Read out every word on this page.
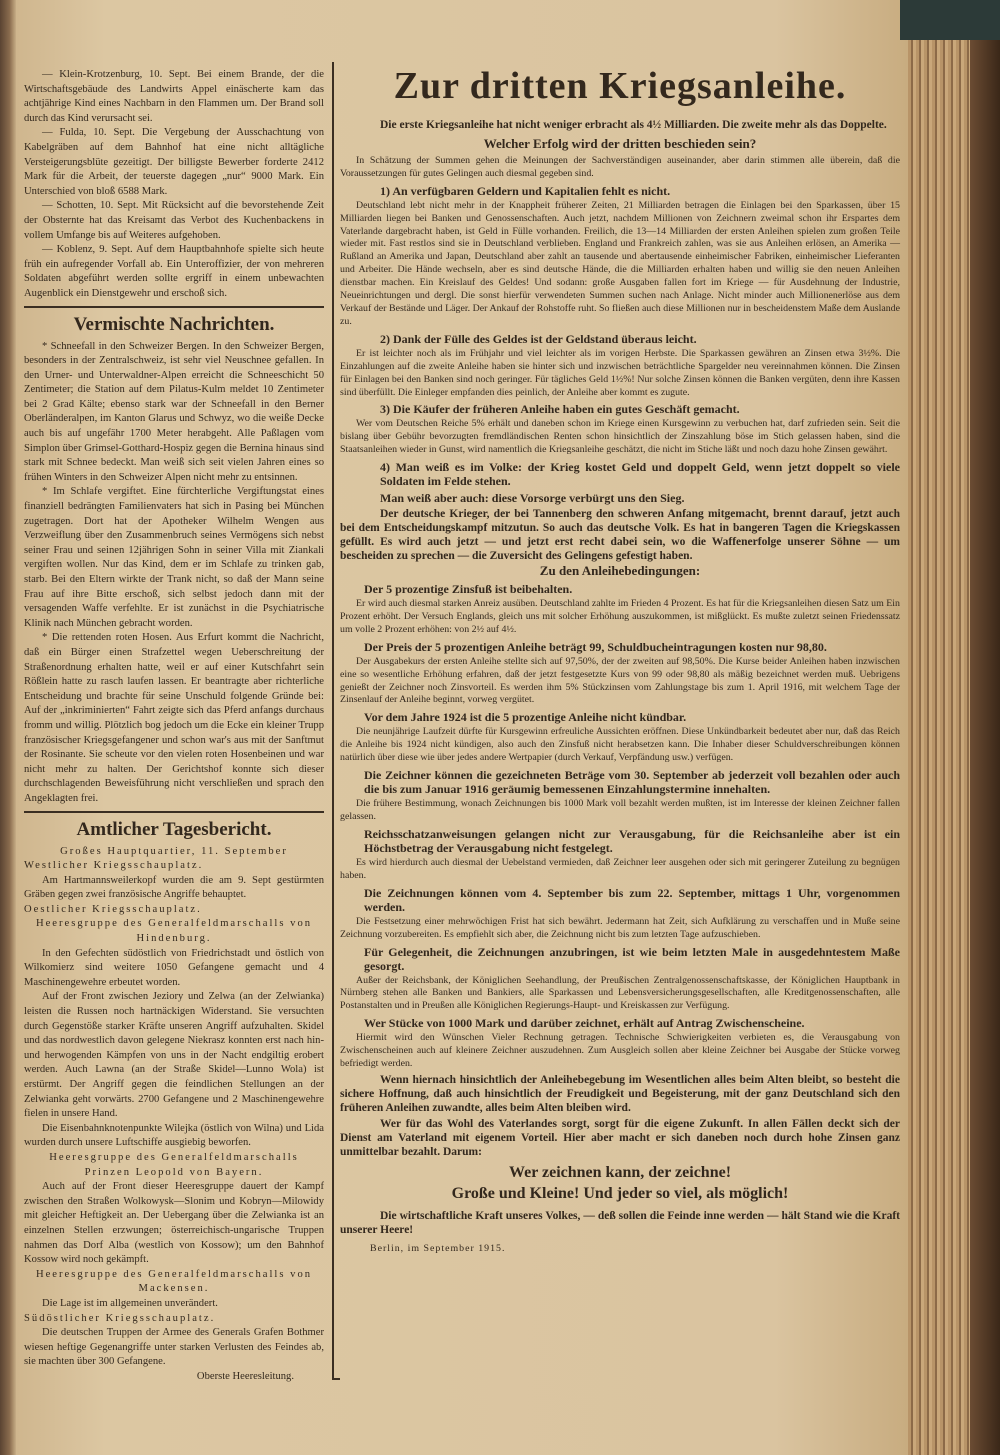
— Klein-Krotzenburg, 10. Sept. Bei einem Brande, der die Wirtschaftsgebäude des Landwirts Appel einäscherte kam das achtjährige Kind eines Nachbarn in den Flammen um. Der Brand soll durch das Kind verursacht sei.
— Fulda, 10. Sept. Die Vergebung der Ausschachtung von Kabelgräben auf dem Bahnhof hat eine nicht alltägliche Versteigerungsblüte gezeitigt. Der billigste Bewerber forderte 2412 Mark für die Arbeit, der teuerste dagegen „nur“ 9000 Mark. Ein Unterschied von bloß 6588 Mark.
— Schotten, 10. Sept. Mit Rücksicht auf die bevorstehende Zeit der Obsternte hat das Kreisamt das Verbot des Kuchenbackens in vollem Umfange bis auf Weiteres aufgehoben.
— Koblenz, 9. Sept. Auf dem Hauptbahnhofe spielte sich heute früh ein aufregender Vorfall ab. Ein Unteroffizier, der von mehreren Soldaten abgeführt werden sollte ergriff in einem unbewachten Augenblick ein Dienstgewehr und erschoß sich.
Vermischte Nachrichten.
* Schneefall in den Schweizer Bergen. In den Schweizer Bergen, besonders in der Zentralschweiz, ist sehr viel Neuschnee gefallen. In den Urner- und Unterwaldner-Alpen erreicht die Schneeschicht 50 Zentimeter; die Station auf dem Pilatus-Kulm meldet 10 Zentimeter bei 2 Grad Kälte; ebenso stark war der Schneefall in den Berner Oberländeralpen, im Kanton Glarus und Schwyz, wo die weiße Decke auch bis auf ungefähr 1700 Meter herabgeht. Alle Paßlagen vom Simplon über Grimsel-Gotthard-Hospiz gegen die Bernina hinaus sind stark mit Schnee bedeckt. Man weiß sich seit vielen Jahren eines so frühen Winters in den Schweizer Alpen nicht mehr zu entsinnen.
* Im Schlafe vergiftet. Eine fürchterliche Vergiftungstat eines finanziell bedrängten Familienvaters hat sich in Pasing bei München zugetragen. Dort hat der Apotheker Wilhelm Wengen aus Verzweiflung über den Zusammenbruch seines Vermögens sich nebst seiner Frau und seinen 12jährigen Sohn in seiner Villa mit Ziankali vergiften wollen. Nur das Kind, dem er im Schlafe zu trinken gab, starb. Bei den Eltern wirkte der Trank nicht, so daß der Mann seine Frau auf ihre Bitte erschoß, sich selbst jedoch dann mit der versagenden Waffe verfehlte. Er ist zunächst in die Psychiatrische Klinik nach München gebracht worden.
* Die rettenden roten Hosen. Aus Erfurt kommt die Nachricht, daß ein Bürger einen Strafzettel wegen Ueberschreitung der Straßenordnung erhalten hatte, weil er auf einer Kutschfahrt sein Rößlein hatte zu rasch laufen lassen. Er beantragte aber richterliche Entscheidung und brachte für seine Unschuld folgende Gründe bei: Auf der „inkriminierten“ Fahrt zeigte sich das Pferd anfangs durchaus fromm und willig. Plötzlich bog jedoch um die Ecke ein kleiner Trupp französischer Kriegsgefangener und schon war's aus mit der Sanftmut der Rosinante. Sie scheute vor den vielen roten Hosenbeinen und war nicht mehr zu halten. Der Gerichtshof konnte sich dieser durchschlagenden Beweisführung nicht verschließen und sprach den Angeklagten frei.
Amtlicher Tagesbericht.
Großes Hauptquartier, 11. September
Westlicher Kriegsschauplatz.
Am Hartmannsweilerkopf wurden die am 9. Sept gestürmten Gräben gegen zwei französische Angriffe behauptet.
Oestlicher Kriegsschauplatz.
Heeresgruppe des Generalfeldmarschalls von Hindenburg.
In den Gefechten südöstlich von Friedrichstadt und östlich von Wilkomierz sind weitere 1050 Gefangene gemacht und 4 Maschinengewehre erbeutet worden.
Auf der Front zwischen Jeziory und Zelwa (an der Zelwianka) leisten die Russen noch hartnäckigen Widerstand. Sie versuchten durch Gegenstöße starker Kräfte unseren Angriff aufzuhalten. Skidel und das nordwestlich davon gelegene Niekrasz konnten erst nach hin- und herwogenden Kämpfen von uns in der Nacht endgiltig erobert werden. Auch Lawna (an der Straße Skidel—Lunno Wola) ist erstürmt. Der Angriff gegen die feindlichen Stellungen an der Zelwianka geht vorwärts. 2700 Gefangene und 2 Maschinengewehre fielen in unsere Hand.
Die Eisenbahnknotenpunkte Wilejka (östlich von Wilna) und Lida wurden durch unsere Luftschiffe ausgiebig beworfen.
Heeresgruppe des Generalfeldmarschalls Prinzen Leopold von Bayern.
Auch auf der Front dieser Heeresgruppe dauert der Kampf zwischen den Straßen Wolkowysk—Slonim und Kobryn—Milowidy mit gleicher Heftigkeit an. Der Uebergang über die Zelwianka ist an einzelnen Stellen erzwungen; österreichisch-ungarische Truppen nahmen das Dorf Alba (westlich von Kossow); um den Bahnhof Kossow wird noch gekämpft.
Heeresgruppe des Generalfeldmarschalls von Mackensen.
Die Lage ist im allgemeinen unverändert.
Südöstlicher Kriegsschauplatz.
Die deutschen Truppen der Armee des Generals Grafen Bothmer wiesen heftige Gegenangriffe unter starken Verlusten des Feindes ab, sie machten über 300 Gefangene.
Oberste Heeresleitung.
Zur dritten Kriegsanleihe.
Die erste Kriegsanleihe hat nicht weniger erbracht als 4½ Milliarden. Die zweite mehr als das Doppelte.
Welcher Erfolg wird der dritten beschieden sein?
In Schätzung der Summen gehen die Meinungen der Sachverständigen auseinander, aber darin stimmen alle überein, daß die Voraussetzungen für gutes Gelingen auch diesmal gegeben sind.
1) An verfügbaren Geldern und Kapitalien fehlt es nicht.
Deutschland lebt nicht mehr in der Knappheit früherer Zeiten, 21 Milliarden betragen die Einlagen bei den Sparkassen, über 15 Milliarden liegen bei Banken und Genossenschaften. Auch jetzt, nachdem Millionen von Zeichnern zweimal schon ihr Erspartes dem Vaterlande dargebracht haben, ist Geld in Fülle vorhanden. Freilich, die 13—14 Milliarden der ersten Anleihen spielen zum großen Teile wieder mit. Fast restlos sind sie in Deutschland verblieben. England und Frankreich zahlen, was sie aus Anleihen erlösen, an Amerika — Rußland an Amerika und Japan, Deutschland aber zahlt an tausende und abertausende einheimischer Fabriken, einheimischer Lieferanten und Arbeiter. Die Hände wechseln, aber es sind deutsche Hände, die die Milliarden erhalten haben und willig sie den neuen Anleihen dienstbar machen. Ein Kreislauf des Geldes! Und sodann: große Ausgaben fallen fort im Kriege — für Ausdehnung der Industrie, Neueinrichtungen und dergl. Die sonst hierfür verwendeten Summen suchen nach Anlage. Nicht minder auch Millionenerlöse aus dem Verkauf der Bestände und Läger. Der Ankauf der Rohstoffe ruht. So fließen auch diese Millionen nur in bescheidenstem Maße dem Auslande zu.
2) Dank der Fülle des Geldes ist der Geldstand überaus leicht.
Er ist leichter noch als im Frühjahr und viel leichter als im vorigen Herbste. Die Sparkassen gewähren an Zinsen etwa 3½%. Die Einzahlungen auf die zweite Anleihe haben sie hinter sich und inzwischen beträchtliche Spargelder neu vereinnahmen können. Die Zinsen für Einlagen bei den Banken sind noch geringer. Für tägliches Geld 1½%! Nur solche Zinsen können die Banken vergüten, denn ihre Kassen sind überfüllt. Die Einleger empfanden dies peinlich, der Anleihe aber kommt es zugute.
3) Die Käufer der früheren Anleihe haben ein gutes Geschäft gemacht.
Wer vom Deutschen Reiche 5% erhält und daneben schon im Kriege einen Kursgewinn zu verbuchen hat, darf zufrieden sein. Seit die bislang über Gebühr bevorzugten fremdländischen Renten schon hinsichtlich der Zinszahlung böse im Stich gelassen haben, sind die Staatsanleihen wieder in Gunst, wird namentlich die Kriegsanleihe geschätzt, die nicht im Stiche läßt und noch dazu hohe Zinsen gewährt.
4) Man weiß es im Volke: der Krieg kostet Geld und doppelt Geld, wenn jetzt doppelt so viele Soldaten im Felde stehen.
Man weiß aber auch: diese Vorsorge verbürgt uns den Sieg.
Der deutsche Krieger, der bei Tannenberg den schweren Anfang mitgemacht, brennt darauf, jetzt auch bei dem Entscheidungskampf mitzutun. So auch das deutsche Volk. Es hat in bangeren Tagen die Kriegskassen gefüllt. Es wird auch jetzt — und jetzt erst recht dabei sein, wo die Waffenerfolge unserer Söhne — um bescheiden zu sprechen — die Zuversicht des Gelingens gefestigt haben.
Zu den Anleihebedingungen:
Der 5 prozentige Zinsfuß ist beibehalten.
Er wird auch diesmal starken Anreiz ausüben. Deutschland zahlte im Frieden 4 Prozent. Es hat für die Kriegsanleihen diesen Satz um Ein Prozent erhöht. Der Versuch Englands, gleich uns mit solcher Erhöhung auszukommen, ist mißglückt. Es mußte zuletzt seinen Friedenssatz um volle 2 Prozent erhöhen: von 2½ auf 4½.
Der Preis der 5 prozentigen Anleihe beträgt 99, Schuldbucheintragungen kosten nur 98,80.
Der Ausgabekurs der ersten Anleihe stellte sich auf 97,50%, der der zweiten auf 98,50%. Die Kurse beider Anleihen haben inzwischen eine so wesentliche Erhöhung erfahren, daß der jetzt festgesetzte Kurs von 99 oder 98,80 als mäßig bezeichnet werden muß. Uebrigens genießt der Zeichner noch Zinsvorteil. Es werden ihm 5% Stückzinsen vom Zahlungstage bis zum 1. April 1916, mit welchem Tage der Zinsenlauf der Anleihe beginnt, vorweg vergütet.
Vor dem Jahre 1924 ist die 5 prozentige Anleihe nicht kündbar.
Die neunjährige Laufzeit dürfte für Kursgewinn erfreuliche Aussichten eröffnen. Diese Unkündbarkeit bedeutet aber nur, daß das Reich die Anleihe bis 1924 nicht kündigen, also auch den Zinsfuß nicht herabsetzen kann. Die Inhaber dieser Schuldverschreibungen können natürlich über diese wie über jedes andere Wertpapier (durch Verkauf, Verpfändung usw.) verfügen.
Die Zeichner können die gezeichneten Beträge vom 30. September ab jederzeit voll bezahlen oder auch die bis zum Januar 1916 geräumig bemessenen Einzahlungstermine innehalten.
Die frühere Bestimmung, wonach Zeichnungen bis 1000 Mark voll bezahlt werden mußten, ist im Interesse der kleinen Zeichner fallen gelassen.
Reichsschatzanweisungen gelangen nicht zur Verausgabung, für die Reichsanleihe aber ist ein Höchstbetrag der Verausgabung nicht festgelegt.
Es wird hierdurch auch diesmal der Uebelstand vermieden, daß Zeichner leer ausgehen oder sich mit geringerer Zuteilung zu begnügen haben.
Die Zeichnungen können vom 4. September bis zum 22. September, mittags 1 Uhr, vorgenommen werden.
Die Festsetzung einer mehrwöchigen Frist hat sich bewährt. Jedermann hat Zeit, sich Aufklärung zu verschaffen und in Muße seine Zeichnung vorzubereiten. Es empfiehlt sich aber, die Zeichnung nicht bis zum letzten Tage aufzuschieben.
Für Gelegenheit, die Zeichnungen anzubringen, ist wie beim letzten Male in ausgedehntestem Maße gesorgt.
Außer der Reichsbank, der Königlichen Seehandlung, der Preußischen Zentralgenossenschaftskasse, der Königlichen Hauptbank in Nürnberg stehen alle Banken und Bankiers, alle Sparkassen und Lebensversicherungsgesellschaften, alle Kreditgenossenschaften, alle Postanstalten und in Preußen alle Königlichen Regierungs-Haupt- und Kreiskassen zur Verfügung.
Wer Stücke von 1000 Mark und darüber zeichnet, erhält auf Antrag Zwischenscheine.
Hiermit wird den Wünschen Vieler Rechnung getragen. Technische Schwierigkeiten verbieten es, die Verausgabung von Zwischenscheinen auch auf kleinere Zeichner auszudehnen. Zum Ausgleich sollen aber kleine Zeichner bei Ausgabe der Stücke vorweg befriedigt werden.
Wenn hiernach hinsichtlich der Anleihebegebung im Wesentlichen alles beim Alten bleibt, so besteht die sichere Hoffnung, daß auch hinsichtlich der Freudigkeit und Begeisterung, mit der ganz Deutschland sich den früheren Anleihen zuwandte, alles beim Alten bleiben wird.
Wer für das Wohl des Vaterlandes sorgt, sorgt für die eigene Zukunft. In allen Fällen deckt sich der Dienst am Vaterland mit eigenem Vorteil. Hier aber macht er sich daneben noch durch hohe Zinsen ganz unmittelbar bezahlt. Darum:
Wer zeichnen kann, der zeichne!
Große und Kleine! Und jeder so viel, als möglich!
Die wirtschaftliche Kraft unseres Volkes, — deß sollen die Feinde inne werden — hält Stand wie die Kraft unserer Heere!
Berlin, im September 1915.
